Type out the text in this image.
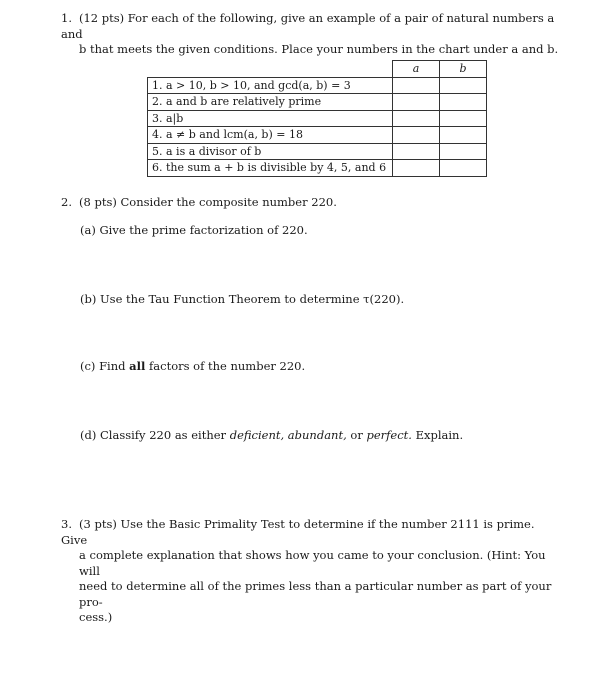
1. (12 pts) For each of the following, give an example of a pair of natural numbers a and
b that meets the given conditions. Place your numbers in the chart under a and b.
	a	b
1. a > 10, b > 10, and gcd(a, b) = 3		
2. a and b are relatively prime		
3. a|b		
4. a ≠ b and lcm(a, b) = 18		
5. a is a divisor of b		
6. the sum a + b is divisible by 4, 5, and 6		
2. (8 pts) Consider the composite number 220.
(a) Give the prime factorization of 220.
(b) Use the Tau Function Theorem to determine τ(220).
(c) Find all factors of the number 220.
(d) Classify 220 as either deficient, abundant, or perfect. Explain.
3. (3 pts) Use the Basic Primality Test to determine if the number 2111 is prime. Give
a complete explanation that shows how you came to your conclusion. (Hint: You will
need to determine all of the primes less than a particular number as part of your pro-
cess.)
